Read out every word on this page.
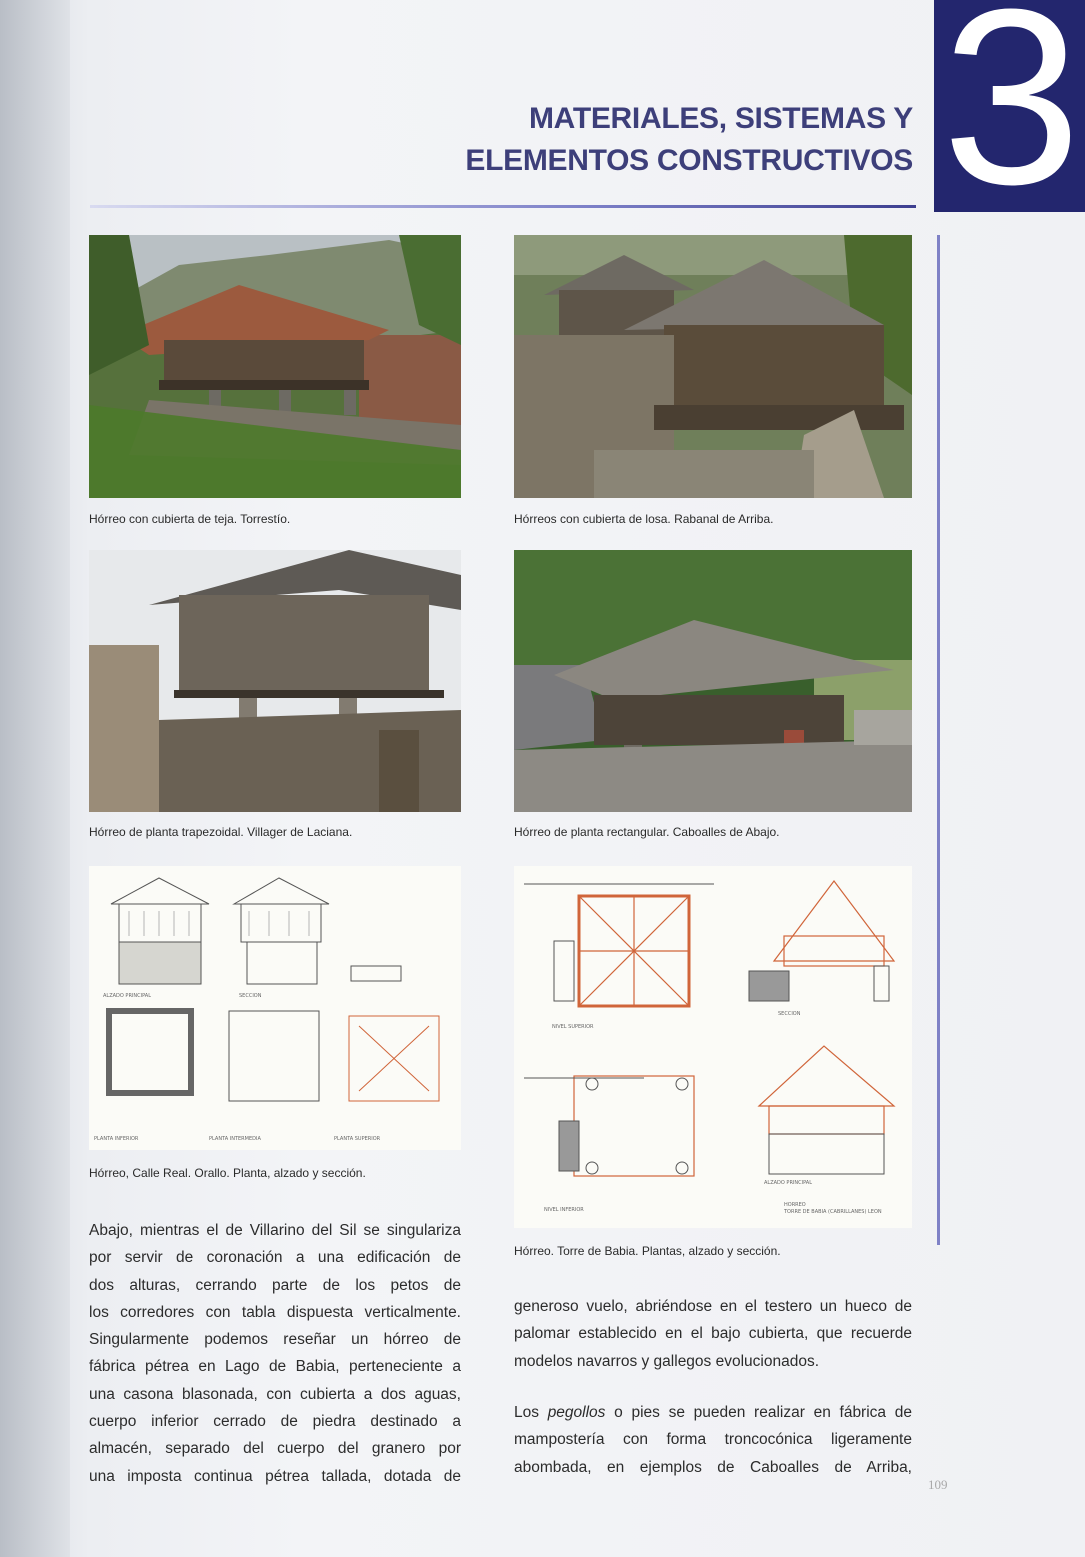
MATERIALES, SISTEMAS Y
ELEMENTOS CONSTRUCTIVOS 3
Hórreo con cubierta de teja. Torrestío.	Hórreos con cubierta de losa. Rabanal de Arriba.
Hórreo de planta trapezoidal. Villager de Laciana.	Hórreo de planta rectangular. Caboalles de Abajo.
ALZADO PRINCIPAL	SECCION
PLANTA INFERIOR	PLANTA INTERMEDIA	PLANTA SUPERIOR
Hórreo, Calle Real. Orallo. Planta, alzado y sección.
NIVEL SUPERIOR
SECCION
NIVEL INFERIOR
ALZADO PRINCIPAL
HORREO
TORRE DE BABIA (CABRILLANES) LEON
Hórreo. Torre de Babia. Plantas, alzado y sección.
Abajo, mientras el de Villarino del Sil se singulariza
por servir de coronación a una edificación de
dos alturas, cerrando parte de los petos de
los corredores con tabla dispuesta verticalmente.
Singularmente podemos reseñar un hórreo de
fábrica pétrea en Lago de Babia, perteneciente a
una casona blasonada, con cubierta a dos aguas,
cuerpo inferior cerrado de piedra destinado a
almacén, separado del cuerpo del granero por
una imposta continua pétrea tallada, dotada de
generoso vuelo, abriéndose en el testero un hueco de
palomar establecido en el bajo cubierta, que recuerde
modelos navarros y gallegos evolucionados.
Los pegollos o pies se pueden realizar en fábrica de
mampostería con forma troncocónica ligeramente
abombada, en ejemplos de Caboalles de Arriba,
109
